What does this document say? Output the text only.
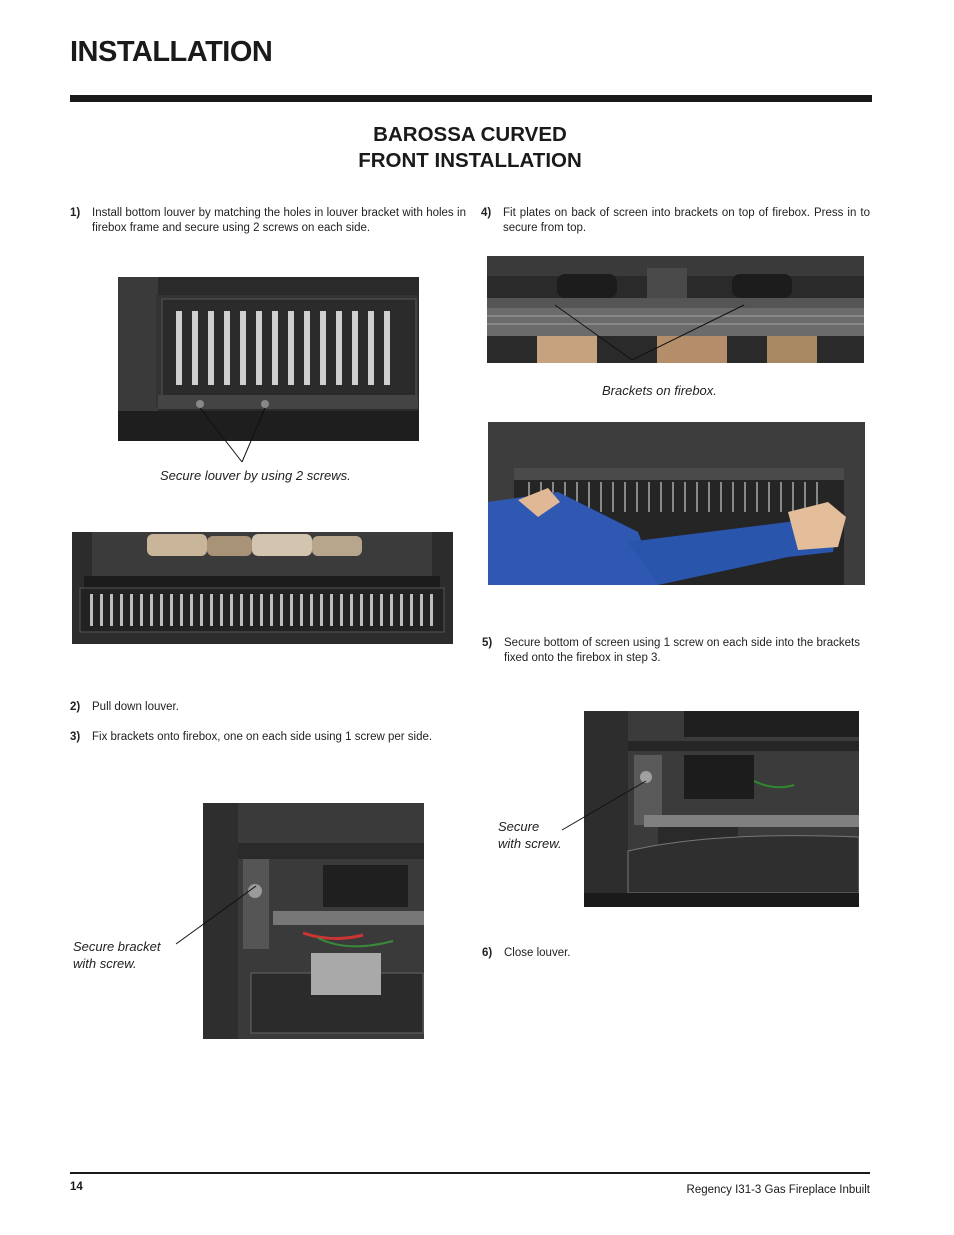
INSTALLATION
BAROSSA CURVED
FRONT INSTALLATION
1) Install bottom louver by matching the holes in louver bracket with holes in firebox frame and secure using 2 screws on each side.
Secure louver by using 2 screws.
2) Pull down louver.
3) Fix brackets onto firebox, one on each side using 1 screw per side.
Secure bracket
with screw.
4) Fit plates on back of screen into brackets on top of firebox. Press in to secure from top.
Brackets on firebox.
5) Secure bottom of screen using 1 screw on each side into the brackets fixed onto the firebox in step 3.
Secure
with screw.
6) Close louver.
14	Regency I31-3 Gas Fireplace Inbuilt
